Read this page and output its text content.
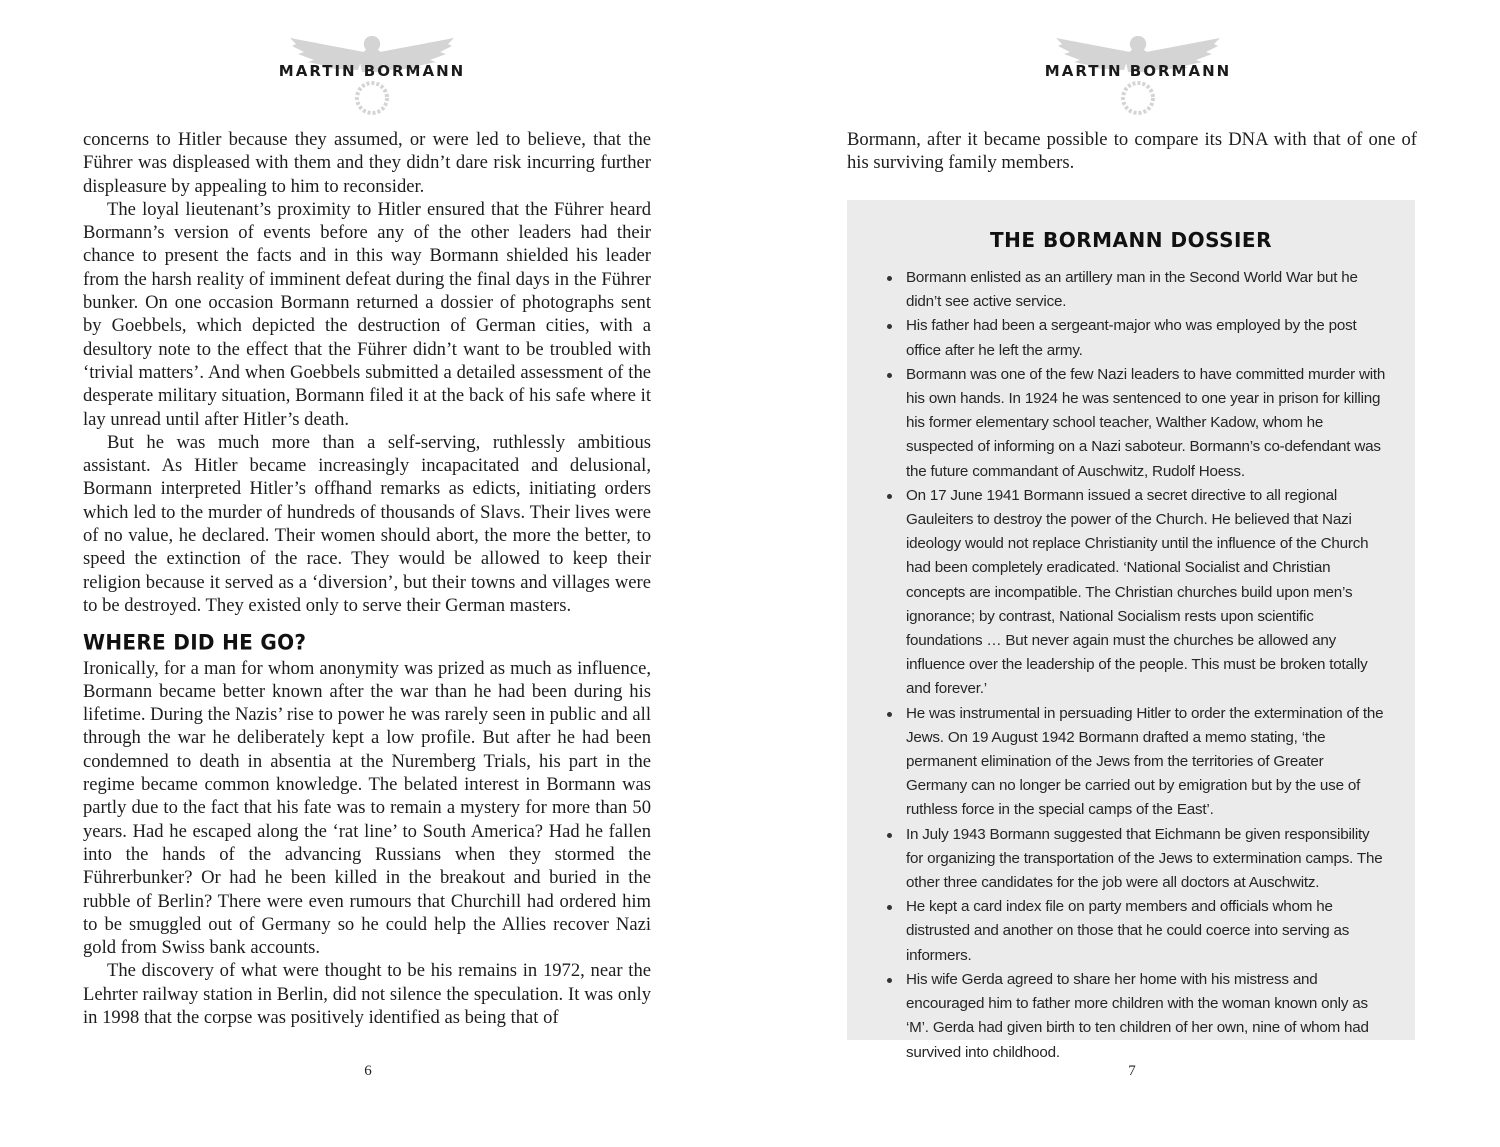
MARTIN BORMANN

concerns to Hitler because they assumed, or were led to believe, that the Führer was displeased with them and they didn’t dare risk incurring further displeasure by appealing to him to reconsider.

The loyal lieutenant’s proximity to Hitler ensured that the Führer heard Bormann’s version of events before any of the other leaders had their chance to present the facts and in this way Bormann shielded his leader from the harsh reality of imminent defeat during the final days in the Führer bunker. On one occasion Bormann returned a dossier of photographs sent by Goebbels, which depicted the destruction of German cities, with a desultory note to the effect that the Führer didn’t want to be troubled with ‘trivial matters’. And when Goebbels submitted a detailed assessment of the desperate military situation, Bormann filed it at the back of his safe where it lay unread until after Hitler’s death.

But he was much more than a self-serving, ruthlessly ambitious assistant. As Hitler became increasingly incapacitated and delusional, Bormann interpreted Hitler’s offhand remarks as edicts, initiating orders which led to the murder of hundreds of thousands of Slavs. Their lives were of no value, he declared. Their women should abort, the more the better, to speed the extinction of the race. They would be allowed to keep their religion because it served as a ‘diversion’, but their towns and villages were to be destroyed. They existed only to serve their German masters.

WHERE DID HE GO?

Ironically, for a man for whom anonymity was prized as much as influence, Bormann became better known after the war than he had been during his lifetime. During the Nazis’ rise to power he was rarely seen in public and all through the war he deliberately kept a low profile. But after he had been condemned to death in absentia at the Nuremberg Trials, his part in the regime became common knowledge. The belated interest in Bormann was partly due to the fact that his fate was to remain a mystery for more than 50 years. Had he escaped along the ‘rat line’ to South America? Had he fallen into the hands of the advancing Russians when they stormed the Führerbunker? Or had he been killed in the breakout and buried in the rubble of Berlin? There were even rumours that Churchill had ordered him to be smuggled out of Germany so he could help the Allies recover Nazi gold from Swiss bank accounts.

The discovery of what were thought to be his remains in 1972, near the Lehrter railway station in Berlin, did not silence the speculation. It was only in 1998 that the corpse was positively identified as being that of

6
MARTIN BORMANN

Bormann, after it became possible to compare its DNA with that of one of his surviving family members.

THE BORMANN DOSSIER
Bormann enlisted as an artillery man in the Second World War but he didn’t see active service.
His father had been a sergeant-major who was employed by the post office after he left the army.
Bormann was one of the few Nazi leaders to have committed murder with his own hands. In 1924 he was sentenced to one year in prison for killing his former elementary school teacher, Walther Kadow, whom he suspected of informing on a Nazi saboteur. Bormann’s co-defendant was the future commandant of Auschwitz, Rudolf Hoess.
On 17 June 1941 Bormann issued a secret directive to all regional Gauleiters to destroy the power of the Church. He believed that Nazi ideology would not replace Christianity until the influence of the Church had been completely eradicated. ‘National Socialist and Christian concepts are incompatible. The Christian churches build upon men’s ignorance; by contrast, National Socialism rests upon scientific foundations … But never again must the churches be allowed any influence over the leadership of the people. This must be broken totally and forever.’
He was instrumental in persuading Hitler to order the extermination of the Jews. On 19 August 1942 Bormann drafted a memo stating, ‘the permanent elimination of the Jews from the territories of Greater Germany can no longer be carried out by emigration but by the use of ruthless force in the special camps of the East’.
In July 1943 Bormann suggested that Eichmann be given responsibility for organizing the transportation of the Jews to extermination camps. The other three candidates for the job were all doctors at Auschwitz.
He kept a card index file on party members and officials whom he distrusted and another on those that he could coerce into serving as informers.
His wife Gerda agreed to share her home with his mistress and encouraged him to father more children with the woman known only as ‘M’. Gerda had given birth to ten children of her own, nine of whom had survived into childhood.
7
